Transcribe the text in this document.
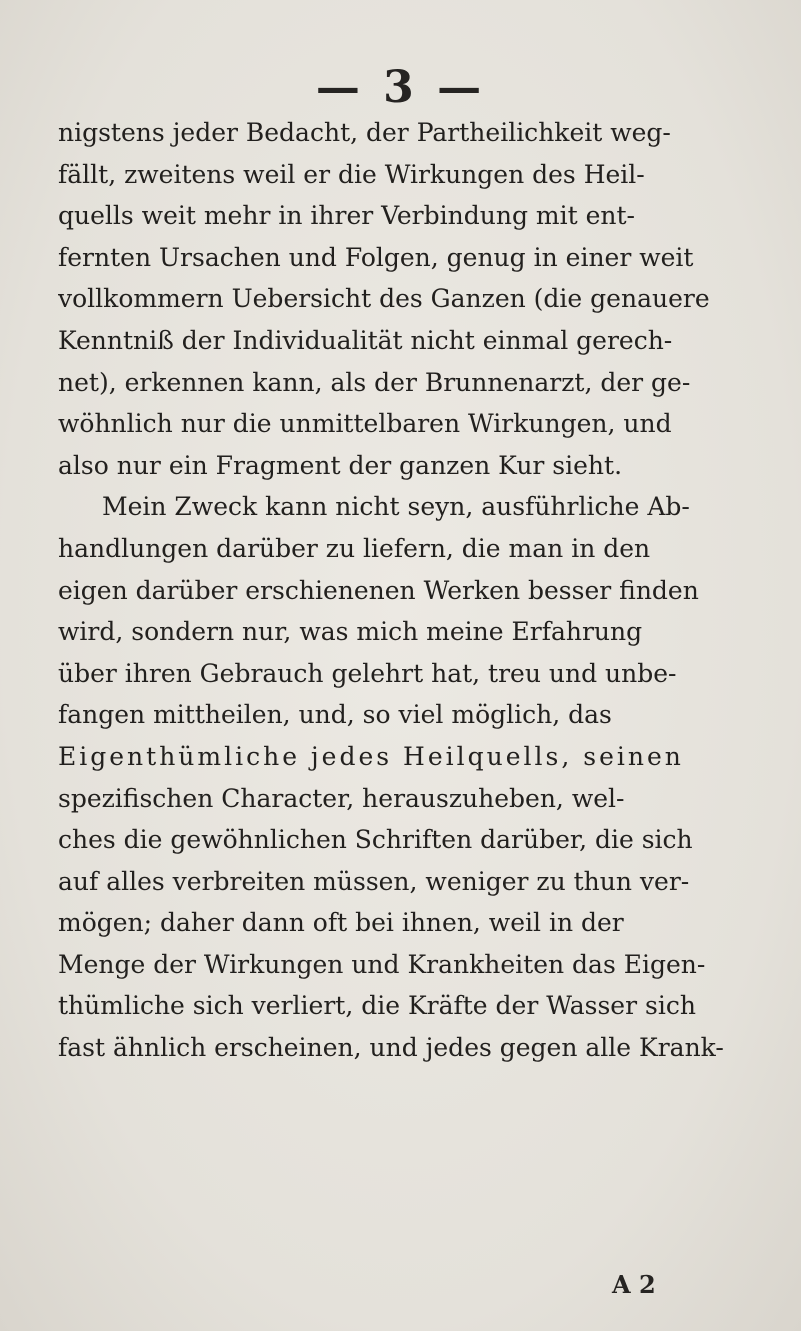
— 3 —
nigstens jeder Bedacht, der Partheilichkeit weg-
fällt, zweitens weil er die Wirkungen des Heil-
quells weit mehr in ihrer Verbindung mit ent-
fernten Ursachen und Folgen, genug in einer weit
vollkommern Uebersicht des Ganzen (die genauere
Kenntniß der Individualität nicht einmal gerech-
net), erkennen kann, als der Brunnenarzt, der ge-
wöhnlich nur die unmittelbaren Wirkungen, und
also nur ein Fragment der ganzen Kur sieht.
Mein Zweck kann nicht seyn, ausführliche Ab-
handlungen darüber zu liefern, die man in den
eigen darüber erschienenen Werken besser finden
wird, sondern nur, was mich meine Erfahrung
über ihren Gebrauch gelehrt hat, treu und unbe-
fangen mittheilen, und, so viel möglich, das
Eigenthümliche jedes Heilquells, seinen
spezifischen Character, herauszuheben, wel-
ches die gewöhnlichen Schriften darüber, die sich
auf alles verbreiten müssen, weniger zu thun ver-
mögen; daher dann oft bei ihnen, weil in der
Menge der Wirkungen und Krankheiten das Eigen-
thümliche sich verliert, die Kräfte der Wasser sich
fast ähnlich erscheinen, und jedes gegen alle Krank-
A 2
